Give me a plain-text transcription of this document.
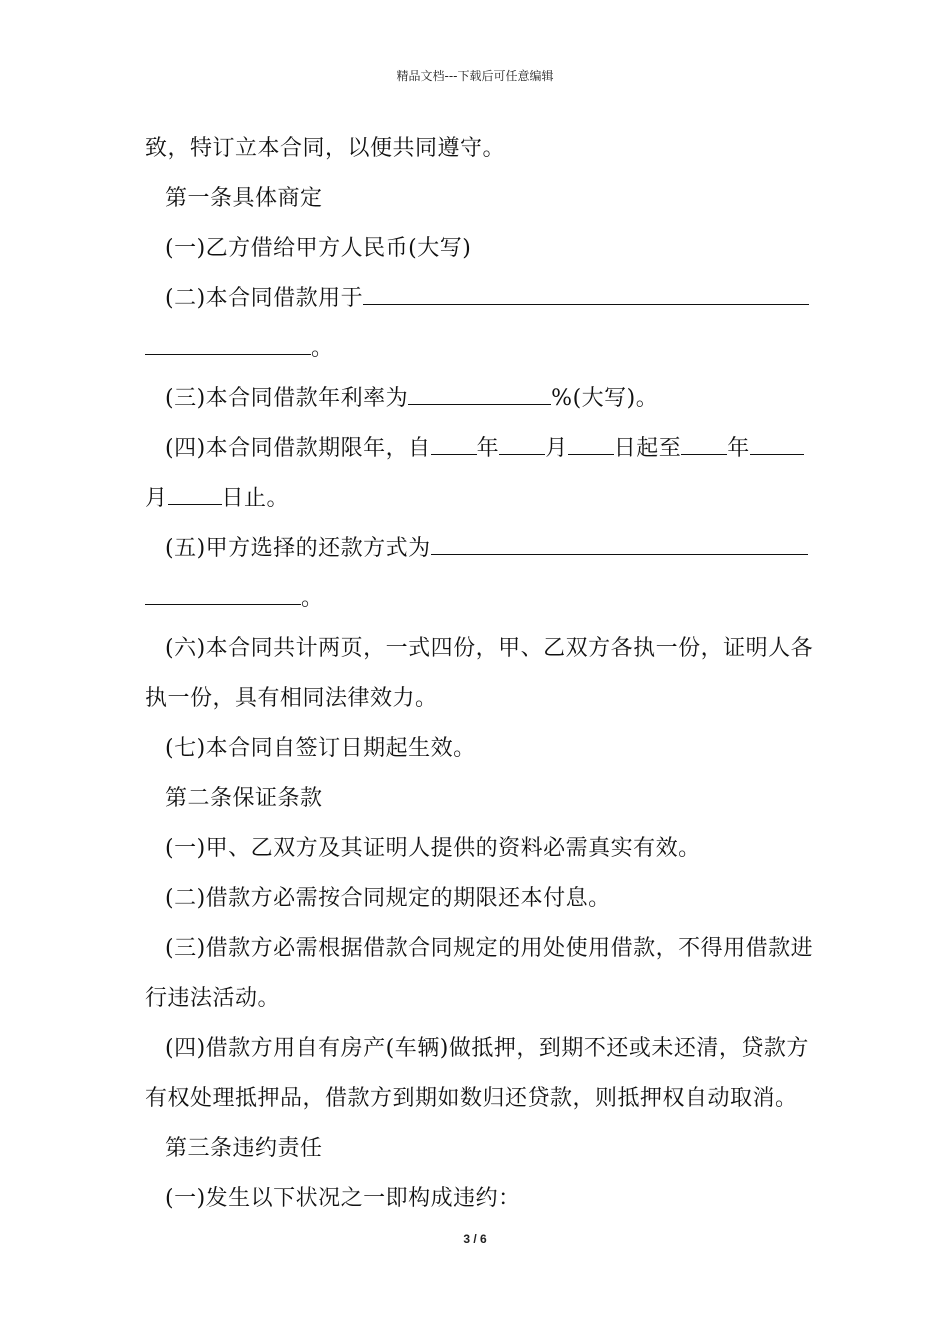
精品文档---下载后可任意编辑
致，特订立本合同，以便共同遵守。
第一条具体商定
(一)乙方借给甲方人民币(大写)
(二)本合同借款用于
。
(三)本合同借款年利率为	%(大写)。
(四)本合同借款期限年，自 年 月 日起至 年
月 日止。
(五)甲方选择的还款方式为
。
(六)本合同共计两页，一式四份，甲、乙双方各执一份，证明人各
执一份，具有相同法律效力。
(七)本合同自签订日期起生效。
第二条保证条款
(一)甲、乙双方及其证明人提供的资料必需真实有效。
(二)借款方必需按合同规定的期限还本付息。
(三)借款方必需根据借款合同规定的用处使用借款，不得用借款进
行违法活动。
(四)借款方用自有房产(车辆)做抵押，到期不还或未还清，贷款方
有权处理抵押品，借款方到期如数归还贷款，则抵押权自动取消。
第三条违约责任
(一)发生以下状况之一即构成违约：
3 / 6
